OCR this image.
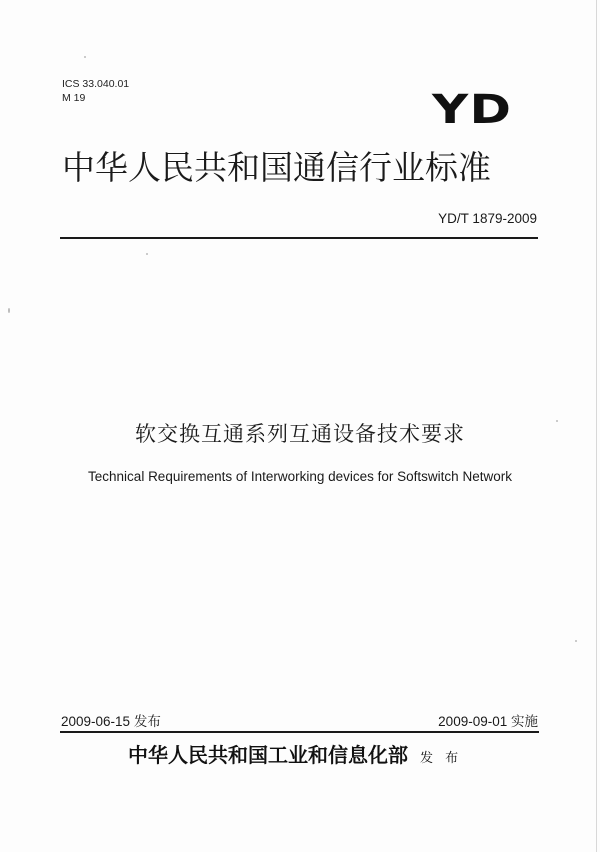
ICS 33.040.01
M 19	YD
中华人民共和国通信行业标准
YD/T 1879-2009
软交换互通系列互通设备技术要求
Technical Requirements of Interworking devices for Softswitch Network
2009-06-15 发布	2009-09-01 实施
中华人民共和国工业和信息化部 发 布
